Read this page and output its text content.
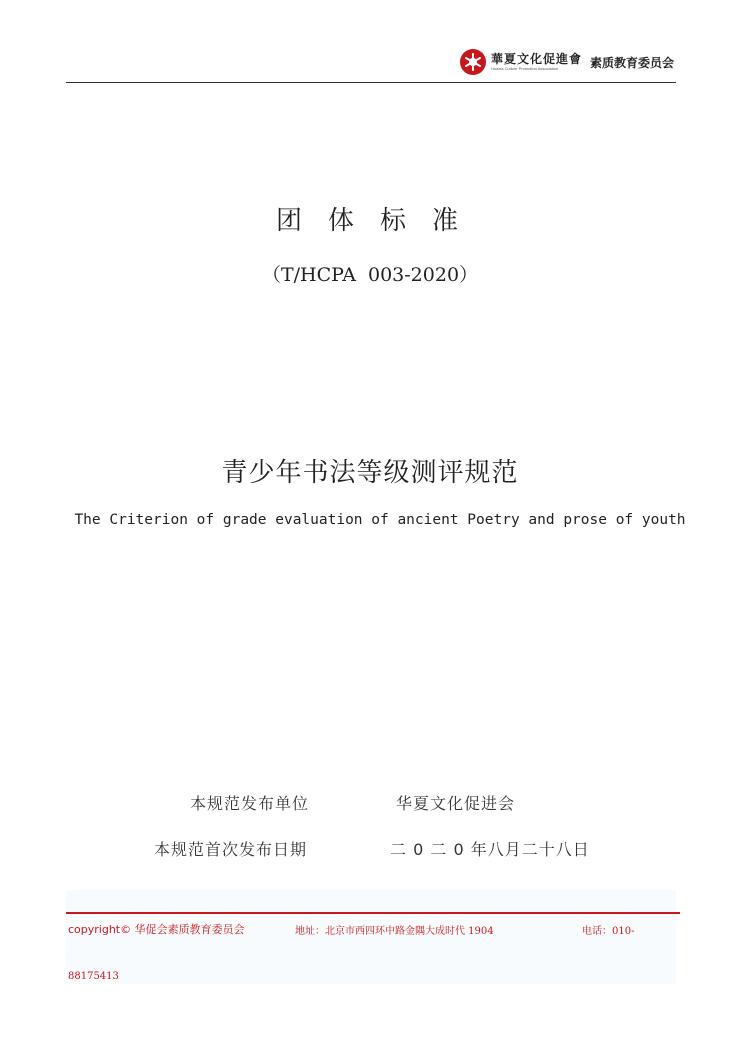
華夏文化促進會
Huaxia Culture Promotion Association	素质教育委员会
团体标准
（T/HCPA  003-2020）
青少年书法等级测评规范
The Criterion of grade evaluation of ancient Poetry and prose of youth
本规范发布单位	华夏文化促进会
本规范首次发布日期	二 0 二 0 年八月二十八日
copyright© 华促会素质教育委员会	地址：北京市西四环中路金隅大成时代 1904	电话：010-
88175413
